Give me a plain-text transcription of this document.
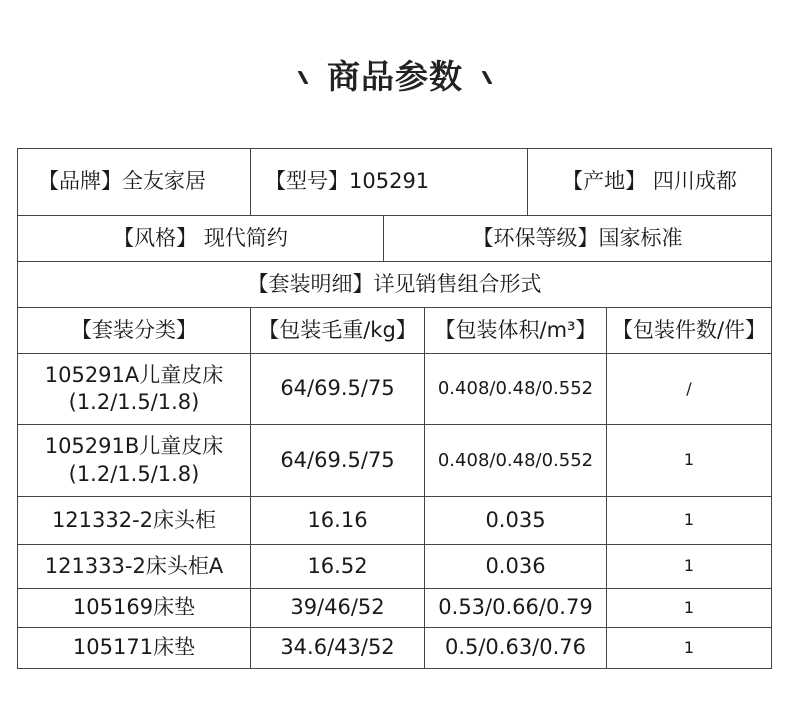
商品参数
【品牌】全友家居	【型号】105291	【产地】 四川成都
【风格】 现代简约	【环保等级】国家标准
【套装明细】详见销售组合形式
【套装分类】	【包装毛重/kg】 【包装体积/m³】 【包装件数/件】
105291A儿童皮床
(1.2/1.5/1.8)
64/69.5/75	0.408/0.48/0.552	/
105291B儿童皮床
(1.2/1.5/1.8)
64/69.5/75	0.408/0.48/0.552	1
121332-2床头柜	16.16	0.035	1
121333-2床头柜A	16.52	0.036	1
105169床垫	39/46/52	0.53/0.66/0.79	1
105171床垫	34.6/43/52	0.5/0.63/0.76	1
